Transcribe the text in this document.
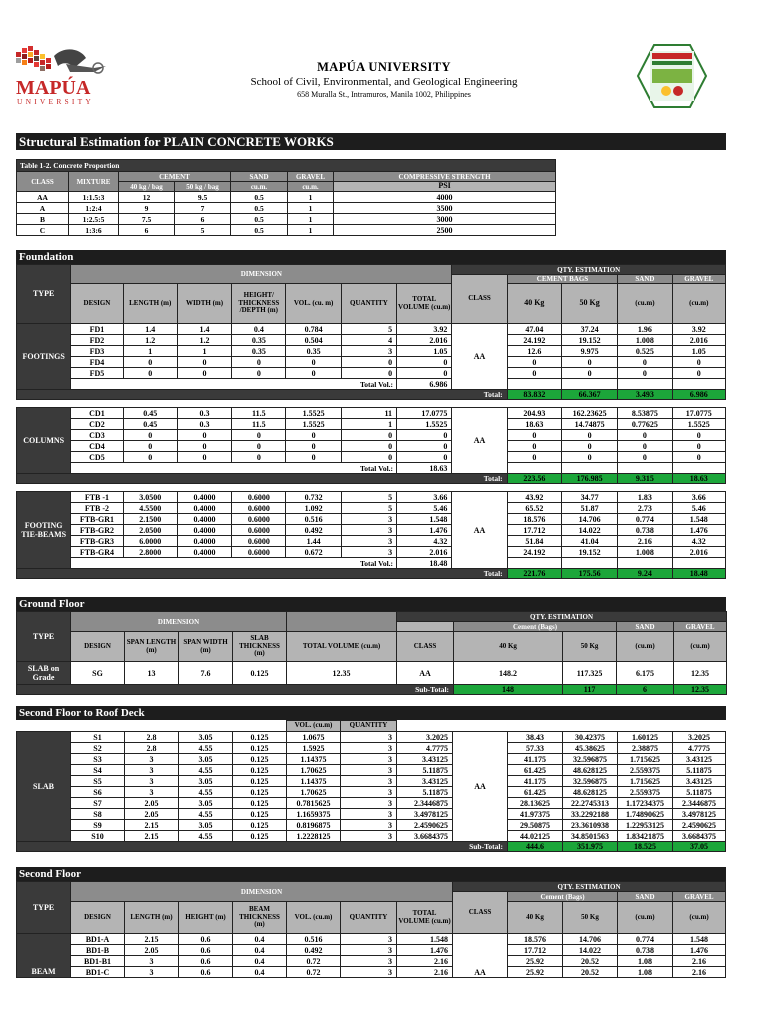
MAPÚA
UNIVERSITY
MAPÚA UNIVERSITY
School of Civil, Environmental, and Geological Engineering
658 Muralla St., Intramuros, Manila 1002, Philippines
Structural Estimation for PLAIN CONCRETE WORKS
Table 1-2. Concrete Proportion						
CLASS	MIXTURE	CEMENT		SAND	GRAVEL	COMPRESSIVE STRENGTH
		40 kg / bag	50 kg / bag	cu.m.	cu.m.	PSI
AA	1:1.5:3	12	9.5	0.5	1	4000
A	1:2:4	9	7	0.5	1	3500
B	1:2.5:5	7.5	6	0.5	1	3000
C	1:3:6	6	5	0.5	1	2500
Foundation
TYPE	DIMENSION							QTY. ESTIMATION				
								CLASS	CEMENT BAGS		SAND	GRAVEL
	DESIGN	LENGTH (m)	WIDTH (m)	HEIGHT/ THICKNESS /DEPTH (m)	VOL. (cu. m)	QUANTITY	TOTAL VOLUME (cu.m)		40 Kg	50 Kg	(cu.m)	(cu.m)
FOOTINGS	FD1	1.4	1.4	0.4	0.784	5	3.92	AA	47.04	37.24	1.96	3.92
	FD2	1.2	1.2	0.35	0.504	4	2.016		24.192	19.152	1.008	2.016
	FD3	1	1	0.35	0.35	3	1.05		12.6	9.975	0.525	1.05
	FD4	0	0	0	0	0	0		0	0	0	0
	FD5	0	0	0	0	0	0		0	0	0	0
						Total Vol.:	6.986					
Total:									83.832	66.367	3.493	6.986

COLUMNS	CD1	0.45	0.3	11.5	1.5525	11	17.0775	AA	204.93	162.23625	8.53875	17.0775
	CD2	0.45	0.3	11.5	1.5525	1	1.5525		18.63	14.74875	0.77625	1.5525
	CD3	0	0	0	0	0	0		0	0	0	0
	CD4	0	0	0	0	0	0		0	0	0	0
	CD5	0	0	0	0	0	0		0	0	0	0
						Total Vol.:	18.63					
Total:									223.56	176.985	9.315	18.63

FOOTING TIE-BEAMS	FTB -1	3.0500	0.4000	0.6000	0.732	5	3.66	AA	43.92	34.77	1.83	3.66
	FTB -2	4.5500	0.4000	0.6000	1.092	5	5.46		65.52	51.87	2.73	5.46
	FTB-GR1	2.1500	0.4000	0.6000	0.516	3	1.548		18.576	14.706	0.774	1.548
	FTB-GR2	2.0500	0.4000	0.6000	0.492	3	1.476		17.712	14.022	0.738	1.476
	FTB-GR3	6.0000	0.4000	0.6000	1.44	3	4.32		51.84	41.04	2.16	4.32
	FTB-GR4	2.8000	0.4000	0.6000	0.672	3	2.016		24.192	19.152	1.008	2.016
						Total Vol.:	18.48					
Total:									221.76	175.56	9.24	18.48
Ground Floor
TYPE	DIMENSION					QTY. ESTIMATION				
							Cement (Bags)		SAND	GRAVEL
	DESIGN	SPAN LENGTH (m)	SPAN WIDTH (m)	SLAB THICKNESS (m)	TOTAL VOLUME (cu.m)	CLASS	40 Kg	50 Kg	(cu.m)	(cu.m)
SLAB on Grade	SG	13	7.6	0.125	12.35	AA	148.2	117.325	6.175	12.35
Sub-Total:							148	117	6	12.35
Second Floor to Roof Deck
					VOL. (cu.m)	QUANTITY						
SLAB	S1	2.8	3.05	0.125	1.0675	3	3.2025	AA	38.43	30.42375	1.60125	3.2025
	S2	2.8	4.55	0.125	1.5925	3	4.7775		57.33	45.38625	2.38875	4.7775
	S3	3	3.05	0.125	1.14375	3	3.43125		41.175	32.596875	1.715625	3.43125
	S4	3	4.55	0.125	1.70625	3	5.11875		61.425	48.628125	2.559375	5.11875
	S5	3	3.05	0.125	1.14375	3	3.43125		41.175	32.596875	1.715625	3.43125
	S6	3	4.55	0.125	1.70625	3	5.11875		61.425	48.628125	2.559375	5.11875
	S7	2.05	3.05	0.125	0.7815625	3	2.3446875		28.13625	22.2745313	1.17234375	2.3446875
	S8	2.05	4.55	0.125	1.1659375	3	3.4978125		41.97375	33.2292188	1.74890625	3.4978125
	S9	2.15	3.05	0.125	0.8196875	3	2.4590625		29.50875	23.3610938	1.22953125	2.4590625
	S10	2.15	4.55	0.125	1.2228125	3	3.6684375		44.02125	34.8501563	1.83421875	3.6684375
Sub-Total:									444.6	351.975	18.525	37.05
Second Floor
TYPE	DIMENSION							QTY. ESTIMATION				
								CLASS	Cement (Bags)		SAND	GRAVEL
	DESIGN	LENGTH (m)	HEIGHT (m)	BEAM THICKNESS (m)	VOL. (cu.m)	QUANTITY	TOTAL VOLUME (cu.m)		40 Kg	50 Kg	(cu.m)	(cu.m)
BEAM	BD1-A	2.15	0.6	0.4	0.516	3	1.548	AA	18.576	14.706	0.774	1.548
	BD1-B	2.05	0.6	0.4	0.492	3	1.476		17.712	14.022	0.738	1.476
	BD1-B1	3	0.6	0.4	0.72	3	2.16		25.92	20.52	1.08	2.16
	BD1-C	3	0.6	0.4	0.72	3	2.16		25.92	20.52	1.08	2.16
